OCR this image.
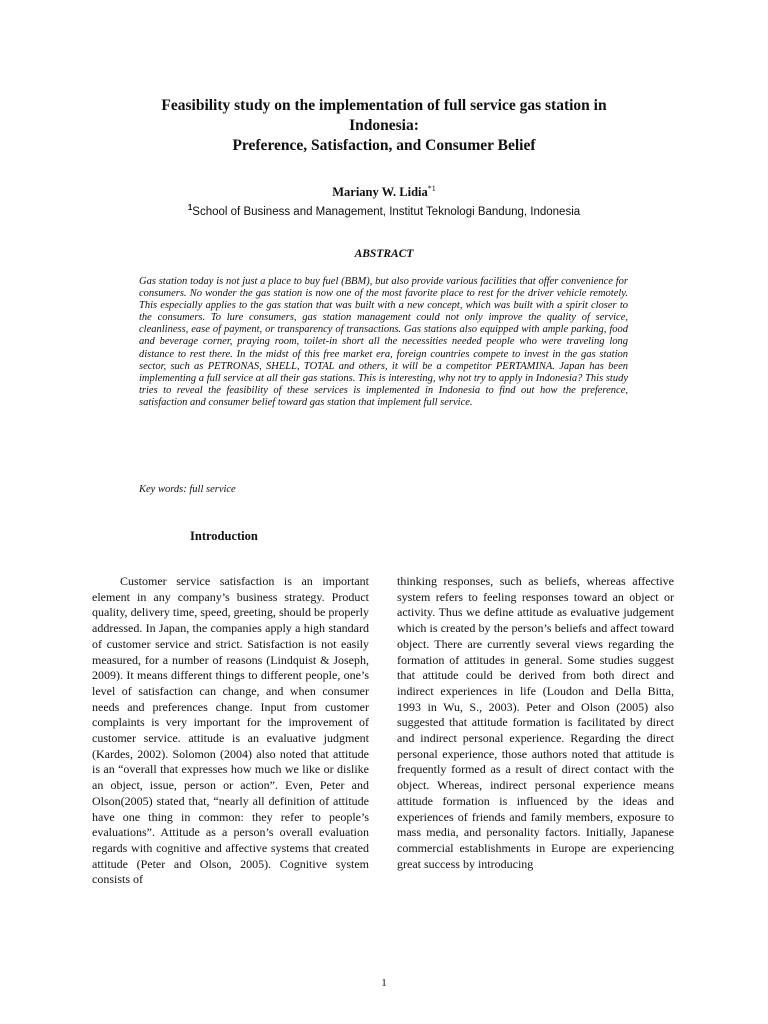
Feasibility study on the implementation of full service gas station in
Indonesia:
Preference, Satisfaction, and Consumer Belief
Mariany W. Lidia$^{*1}$
$^1$School of Business and Management, Institut Teknologi Bandung, Indonesia
ABSTRACT

Gas station today is not just a place to buy fuel (BBM), but also provide various facilities that offer convenience for consumers. No wonder the gas station is now one of the most favorite place to rest for the driver vehicle remotely. This especially applies to the gas station that was built with a new concept, which was built with a spirit closer to the consumers. To lure consumers, gas station management could not only improve the quality of service, cleanliness, ease of payment, or transparency of transactions. Gas stations also equipped with ample parking, food and beverage corner, praying room, toilet-in short all the necessities needed people who were traveling long distance to rest there. In the midst of this free market era, foreign countries compete to invest in the gas station sector, such as PETRONAS, SHELL, TOTAL and others, it will be a competitor PERTAMINA. Japan has been implementing a full service at all their gas stations. This is interesting, why not try to apply in Indonesia? This study tries to reveal the feasibility of these services is implemented in Indonesia to find out how the preference, satisfaction and consumer belief toward gas station that implement full service.

Key words: full service
Introduction

Customer service satisfaction is an important element in any company’s business strategy. Product quality, delivery time, speed, greeting, should be properly addressed. In Japan, the companies apply a high standard of customer service and strict. Satisfaction is not easily measured, for a number of reasons (Lindquist & Joseph, 2009). It means different things to different people, one’s level of satisfaction can change, and when consumer needs and preferences change. Input from customer complaints is very important for the improvement of customer service. attitude is an evaluative judgment (Kardes, 2002). Solomon (2004) also noted that attitude is an “overall that expresses how much we like or dislike an object, issue, person or action”. Even, Peter and Olson(2005) stated that, “nearly all definition of attitude have one thing in common: they refer to people’s evaluations”. Attitude as a person’s overall evaluation regards with cognitive and affective systems that created attitude (Peter and Olson, 2005). Cognitive system consists of

thinking responses, such as beliefs, whereas affective system refers to feeling responses toward an object or activity. Thus we define attitude as evaluative judgement which is created by the person’s beliefs and affect toward object. There are currently several views regarding the formation of attitudes in general. Some studies suggest that attitude could be derived from both direct and indirect experiences in life (Loudon and Della Bitta, 1993 in Wu, S., 2003). Peter and Olson (2005) also suggested that attitude formation is facilitated by direct and indirect personal experience. Regarding the direct personal experience, those authors noted that attitude is frequently formed as a result of direct contact with the object. Whereas, indirect personal experience means attitude formation is influenced by the ideas and experiences of friends and family members, exposure to mass media, and personality factors. Initially, Japanese commercial establishments in Europe are experiencing great success by introducing

1
